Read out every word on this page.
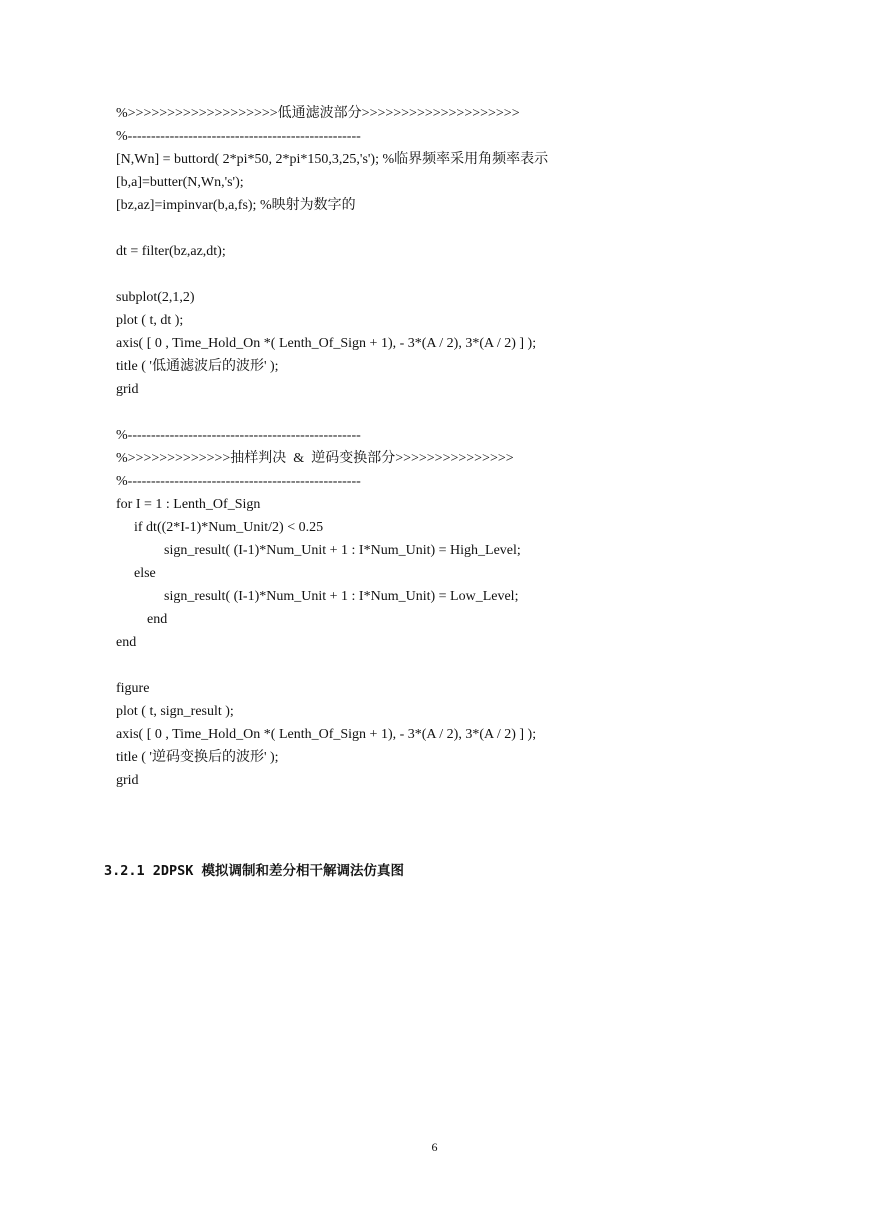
%>>>>>>>>>>>>>>>>>>>低通滤波部分>>>>>>>>>>>>>>>>>>>>
%--------------------------------------------------
[N,Wn] = buttord( 2*pi*50, 2*pi*150,3,25,'s'); %临界频率采用角频率表示
[b,a]=butter(N,Wn,'s');
[bz,az]=impinvar(b,a,fs); %映射为数字的
dt = filter(bz,az,dt);
subplot(2,1,2)
plot ( t, dt );
axis( [ 0 , Time_Hold_On *( Lenth_Of_Sign + 1), - 3*(A / 2), 3*(A / 2) ] );
title ( '低通滤波后的波形' );
grid
%--------------------------------------------------
%>>>>>>>>>>>>>抽样判决  &  逆码变换部分>>>>>>>>>>>>>>>
%--------------------------------------------------
for I = 1 : Lenth_Of_Sign
if dt((2*I-1)*Num_Unit/2) < 0.25
sign_result( (I-1)*Num_Unit + 1 : I*Num_Unit) = High_Level;
else
sign_result( (I-1)*Num_Unit + 1 : I*Num_Unit) = Low_Level;
end
end
figure
plot ( t, sign_result );
axis( [ 0 , Time_Hold_On *( Lenth_Of_Sign + 1), - 3*(A / 2), 3*(A / 2) ] );
title ( '逆码变换后的波形' );
grid
3.2.1 2DPSK 模拟调制和差分相干解调法仿真图
6
